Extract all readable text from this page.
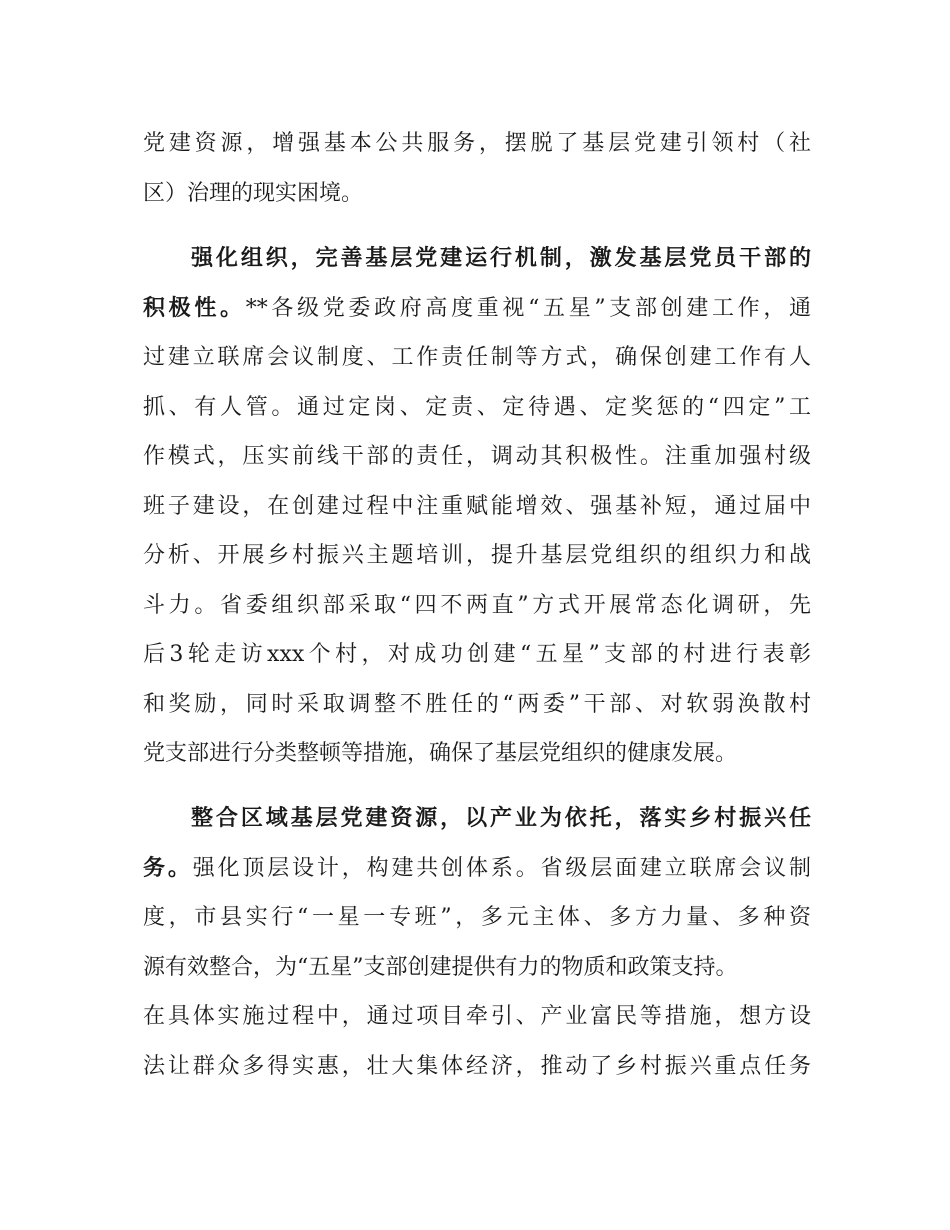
党建资源，增强基本公共服务，摆脱了基层党建引领村（社
区）治理的现实困境。
强化组织，完善基层党建运行机制，激发基层党员干部的
积极性。**各级党委政府高度重视“五星”支部创建工作，通
过建立联席会议制度、工作责任制等方式，确保创建工作有人
抓、有人管。通过定岗、定责、定待遇、定奖惩的“四定”工
作模式，压实前线干部的责任，调动其积极性。注重加强村级
班子建设，在创建过程中注重赋能增效、强基补短，通过届中
分析、开展乡村振兴主题培训，提升基层党组织的组织力和战
斗力。省委组织部采取“四不两直”方式开展常态化调研，先
后3轮走访xxx个村，对成功创建“五星”支部的村进行表彰
和奖励，同时采取调整不胜任的“两委”干部、对软弱涣散村
党支部进行分类整顿等措施，确保了基层党组织的健康发展。
整合区域基层党建资源，以产业为依托，落实乡村振兴任
务。强化顶层设计，构建共创体系。省级层面建立联席会议制
度，市县实行“一星一专班”，多元主体、多方力量、多种资
源有效整合，为“五星”支部创建提供有力的物质和政策支持。
在具体实施过程中，通过项目牵引、产业富民等措施，想方设
法让群众多得实惠，壮大集体经济，推动了乡村振兴重点任务
